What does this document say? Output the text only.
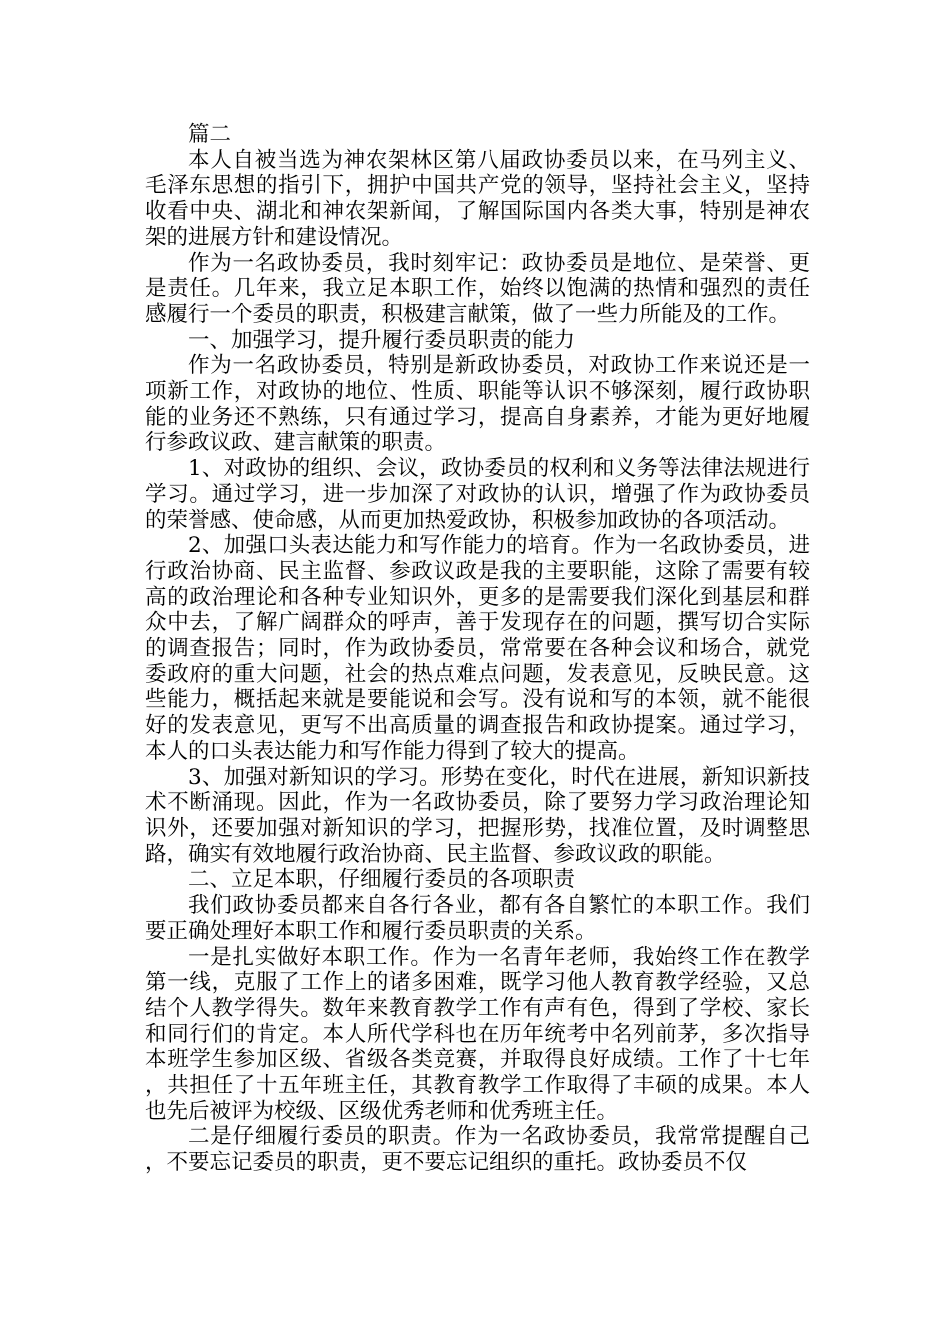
篇二

本人自被当选为神农架林区第八届政协委员以来，在马列主义、毛泽东思想的指引下，拥护中国共产党的领导，坚持社会主义，坚持收看中央、湖北和神农架新闻，了解国际国内各类大事，特别是神农架的进展方针和建设情况。

作为一名政协委员，我时刻牢记：政协委员是地位、是荣誉、更是责任。几年来，我立足本职工作，始终以饱满的热情和强烈的责任感履行一个委员的职责，积极建言献策，做了一些力所能及的工作。

一、加强学习，提升履行委员职责的能力

作为一名政协委员，特别是新政协委员，对政协工作来说还是一项新工作，对政协的地位、性质、职能等认识不够深刻，履行政协职能的业务还不熟练，只有通过学习，提高自身素养，才能为更好地履行参政议政、建言献策的职责。

1、对政协的组织、会议，政协委员的权利和义务等法律法规进行学习。通过学习，进一步加深了对政协的认识，增强了作为政协委员的荣誉感、使命感，从而更加热爱政协，积极参加政协的各项活动。

2、加强口头表达能力和写作能力的培育。作为一名政协委员，进行政治协商、民主监督、参政议政是我的主要职能，这除了需要有较高的政治理论和各种专业知识外，更多的是需要我们深化到基层和群众中去，了解广阔群众的呼声，善于发现存在的问题，撰写切合实际的调查报告；同时，作为政协委员，常常要在各种会议和场合，就党委政府的重大问题，社会的热点难点问题，发表意见，反映民意。这些能力，概括起来就是要能说和会写。没有说和写的本领，就不能很好的发表意见，更写不出高质量的调查报告和政协提案。通过学习，本人的口头表达能力和写作能力得到了较大的提高。

3、加强对新知识的学习。形势在变化，时代在进展，新知识新技术不断涌现。因此，作为一名政协委员，除了要努力学习政治理论知识外，还要加强对新知识的学习，把握形势，找准位置，及时调整思路，确实有效地履行政治协商、民主监督、参政议政的职能。

二、立足本职，仔细履行委员的各项职责

我们政协委员都来自各行各业，都有各自繁忙的本职工作。我们要正确处理好本职工作和履行委员职责的关系。

一是扎实做好本职工作。作为一名青年老师，我始终工作在教学第一线，克服了工作上的诸多困难，既学习他人教育教学经验，又总结个人教学得失。数年来教育教学工作有声有色，得到了学校、家长和同行们的肯定。本人所代学科也在历年统考中名列前茅，多次指导本班学生参加区级、省级各类竞赛，并取得良好成绩。工作了十七年，共担任了十五年班主任，其教育教学工作取得了丰硕的成果。本人也先后被评为校级、区级优秀老师和优秀班主任。

二是仔细履行委员的职责。作为一名政协委员，我常常提醒自己，不要忘记委员的职责，更不要忘记组织的重托。政协委员不仅
